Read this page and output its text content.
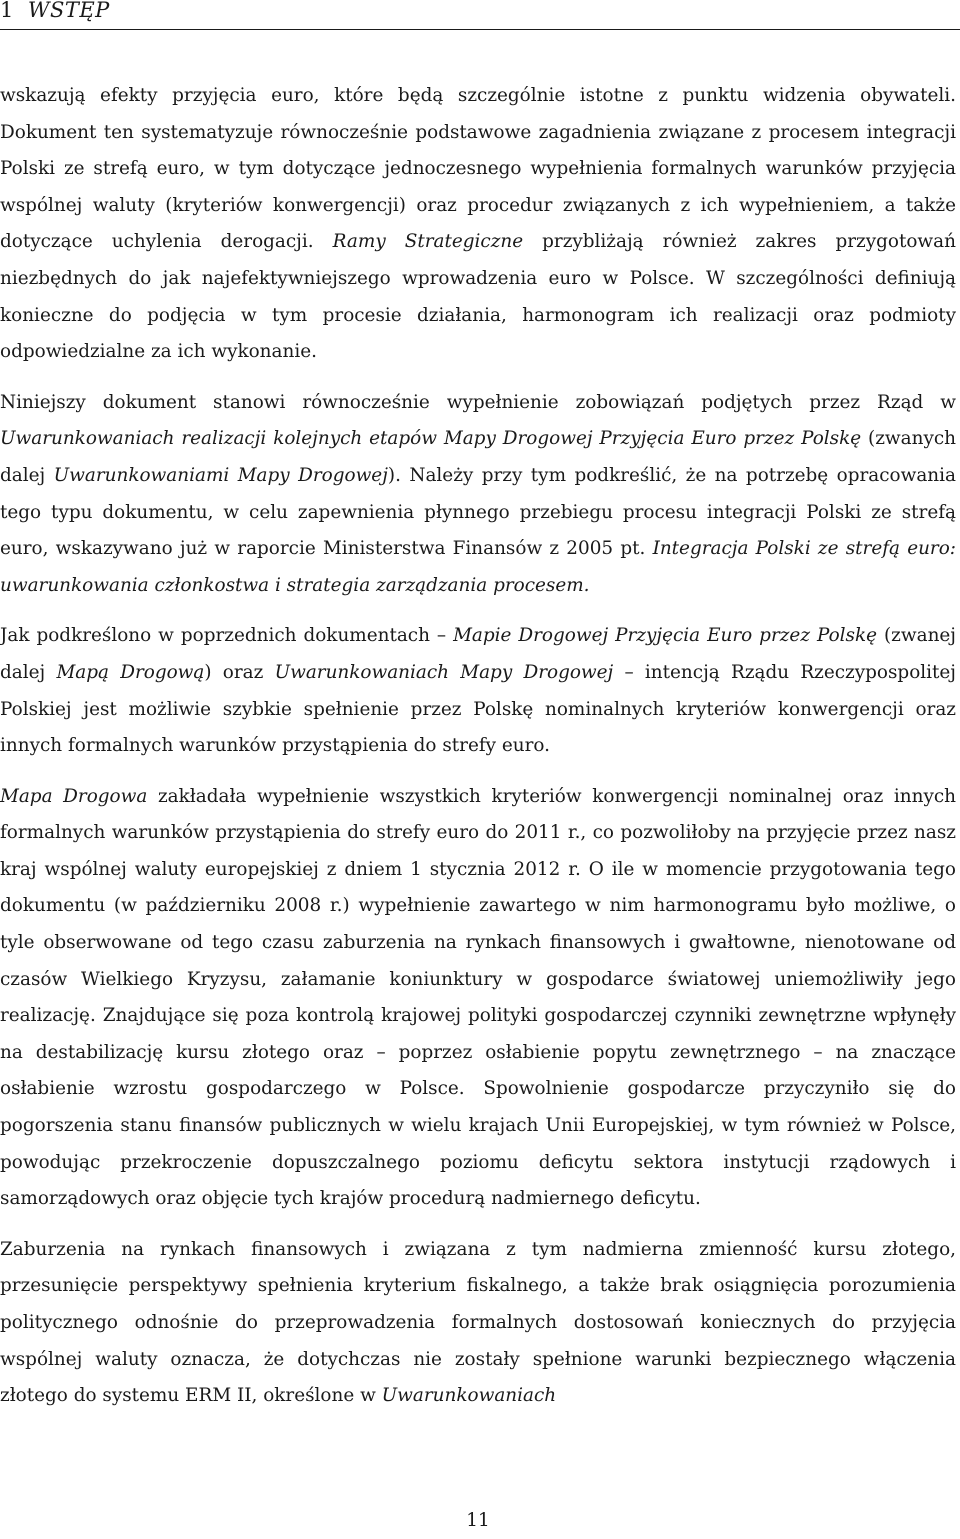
1 WSTĘP

wskazują efekty przyjęcia euro, które będą szczególnie istotne z punktu widzenia obywateli. Dokument ten systematyzuje równocześnie podstawowe zagadnienia związane z procesem integracji Polski ze strefą euro, w tym dotyczące jednoczesnego wypełnienia formalnych warunków przyjęcia wspólnej waluty (kryteriów konwergencji) oraz procedur związanych z ich wypełnieniem, a także dotyczące uchylenia derogacji. Ramy Strategiczne przybliżają również zakres przygotowań niezbędnych do jak najefektywniejszego wprowadzenia euro w Polsce. W szczególności definiują konieczne do podjęcia w tym procesie działania, harmonogram ich realizacji oraz podmioty odpowiedzialne za ich wykonanie.

Niniejszy dokument stanowi równocześnie wypełnienie zobowiązań podjętych przez Rząd w Uwarunkowaniach realizacji kolejnych etapów Mapy Drogowej Przyjęcia Euro przez Polskę (zwanych dalej Uwarunkowaniami Mapy Drogowej). Należy przy tym podkreślić, że na potrzebę opracowania tego typu dokumentu, w celu zapewnienia płynnego przebiegu procesu integracji Polski ze strefą euro, wskazywano już w raporcie Ministerstwa Finansów z 2005 pt. Integracja Polski ze strefą euro: uwarunkowania członkostwa i strategia zarządzania procesem.

Jak podkreślono w poprzednich dokumentach – Mapie Drogowej Przyjęcia Euro przez Polskę (zwanej dalej Mapą Drogową) oraz Uwarunkowaniach Mapy Drogowej – intencją Rządu Rzeczypospolitej Polskiej jest możliwie szybkie spełnienie przez Polskę nominalnych kryteriów konwergencji oraz innych formalnych warunków przystąpienia do strefy euro.

Mapa Drogowa zakładała wypełnienie wszystkich kryteriów konwergencji nominalnej oraz innych formalnych warunków przystąpienia do strefy euro do 2011 r., co pozwoliłoby na przyjęcie przez nasz kraj wspólnej waluty europejskiej z dniem 1 stycznia 2012 r. O ile w momencie przygotowania tego dokumentu (w październiku 2008 r.) wypełnienie zawartego w nim harmonogramu było możliwe, o tyle obserwowane od tego czasu zaburzenia na rynkach finansowych i gwałtowne, nienotowane od czasów Wielkiego Kryzysu, załamanie koniunktury w gospodarce światowej uniemożliwiły jego realizację. Znajdujące się poza kontrolą krajowej polityki gospodarczej czynniki zewnętrzne wpłynęły na destabilizację kursu złotego oraz – poprzez osłabienie popytu zewnętrznego – na znaczące osłabienie wzrostu gospodarczego w Polsce. Spowolnienie gospodarcze przyczyniło się do pogorszenia stanu finansów publicznych w wielu krajach Unii Europejskiej, w tym również w Polsce, powodując przekroczenie dopuszczalnego poziomu deficytu sektora instytucji rządowych i samorządowych oraz objęcie tych krajów procedurą nadmiernego deficytu.

Zaburzenia na rynkach finansowych i związana z tym nadmierna zmienność kursu złotego, przesunięcie perspektywy spełnienia kryterium fiskalnego, a także brak osiągnięcia porozumienia politycznego odnośnie do przeprowadzenia formalnych dostosowań koniecznych do przyjęcia wspólnej waluty oznacza, że dotychczas nie zostały spełnione warunki bezpiecznego włączenia złotego do systemu ERM II, określone w Uwarunkowaniach

11
